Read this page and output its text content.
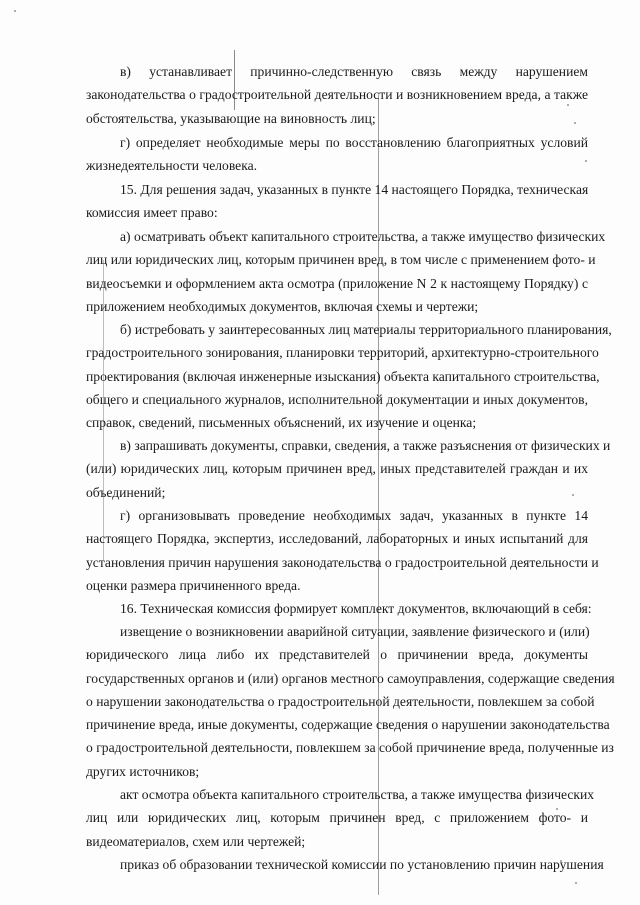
в) устанавливает причинно-следственную связь между нарушением
законодательства о градостроительной деятельности и возникновением вреда, а также
обстоятельства, указывающие на виновность лиц;

г) определяет необходимые меры по восстановлению благоприятных условий
жизнедеятельности человека.

15. Для решения задач, указанных в пункте 14 настоящего Порядка, техническая
комиссия имеет право:

а) осматривать объект капитального строительства, а также имущество физических
лиц или юридических лиц, которым причинен вред, в том числе с применением фото- и
видеосъемки и оформлением акта осмотра (приложение N 2 к настоящему Порядку) с
приложением необходимых документов, включая схемы и чертежи;

б) истребовать у заинтересованных лиц материалы территориального планирования,
градостроительного зонирования, планировки территорий, архитектурно-строительного
проектирования (включая инженерные изыскания) объекта капитального строительства,
общего и специального журналов, исполнительной документации и иных документов,
справок, сведений, письменных объяснений, их изучение и оценка;

в) запрашивать документы, справки, сведения, а также разъяснения от физических и
(или) юридических лиц, которым причинен вред, иных представителей граждан и их
объединений;

г) организовывать проведение необходимых задач, указанных в пункте 14
настоящего Порядка, экспертиз, исследований, лабораторных и иных испытаний для
установления причин нарушения законодательства о градостроительной деятельности и
оценки размера причиненного вреда.

16. Техническая комиссия формирует комплект документов, включающий в себя:

извещение о возникновении аварийной ситуации, заявление физического и (или)
юридического лица либо их представителей о причинении вреда, документы
государственных органов и (или) органов местного самоуправления, содержащие сведения
о нарушении законодательства о градостроительной деятельности, повлекшем за собой
причинение вреда, иные документы, содержащие сведения о нарушении законодательства
о градостроительной деятельности, повлекшем за собой причинение вреда, полученные из
других источников;

акт осмотра объекта капитального строительства, а также имущества физических
лиц или юридических лиц, которым причинен вред, с приложением фото- и
видеоматериалов, схем или чертежей;

приказ об образовании технической комиссии по установлению причин нарушения
